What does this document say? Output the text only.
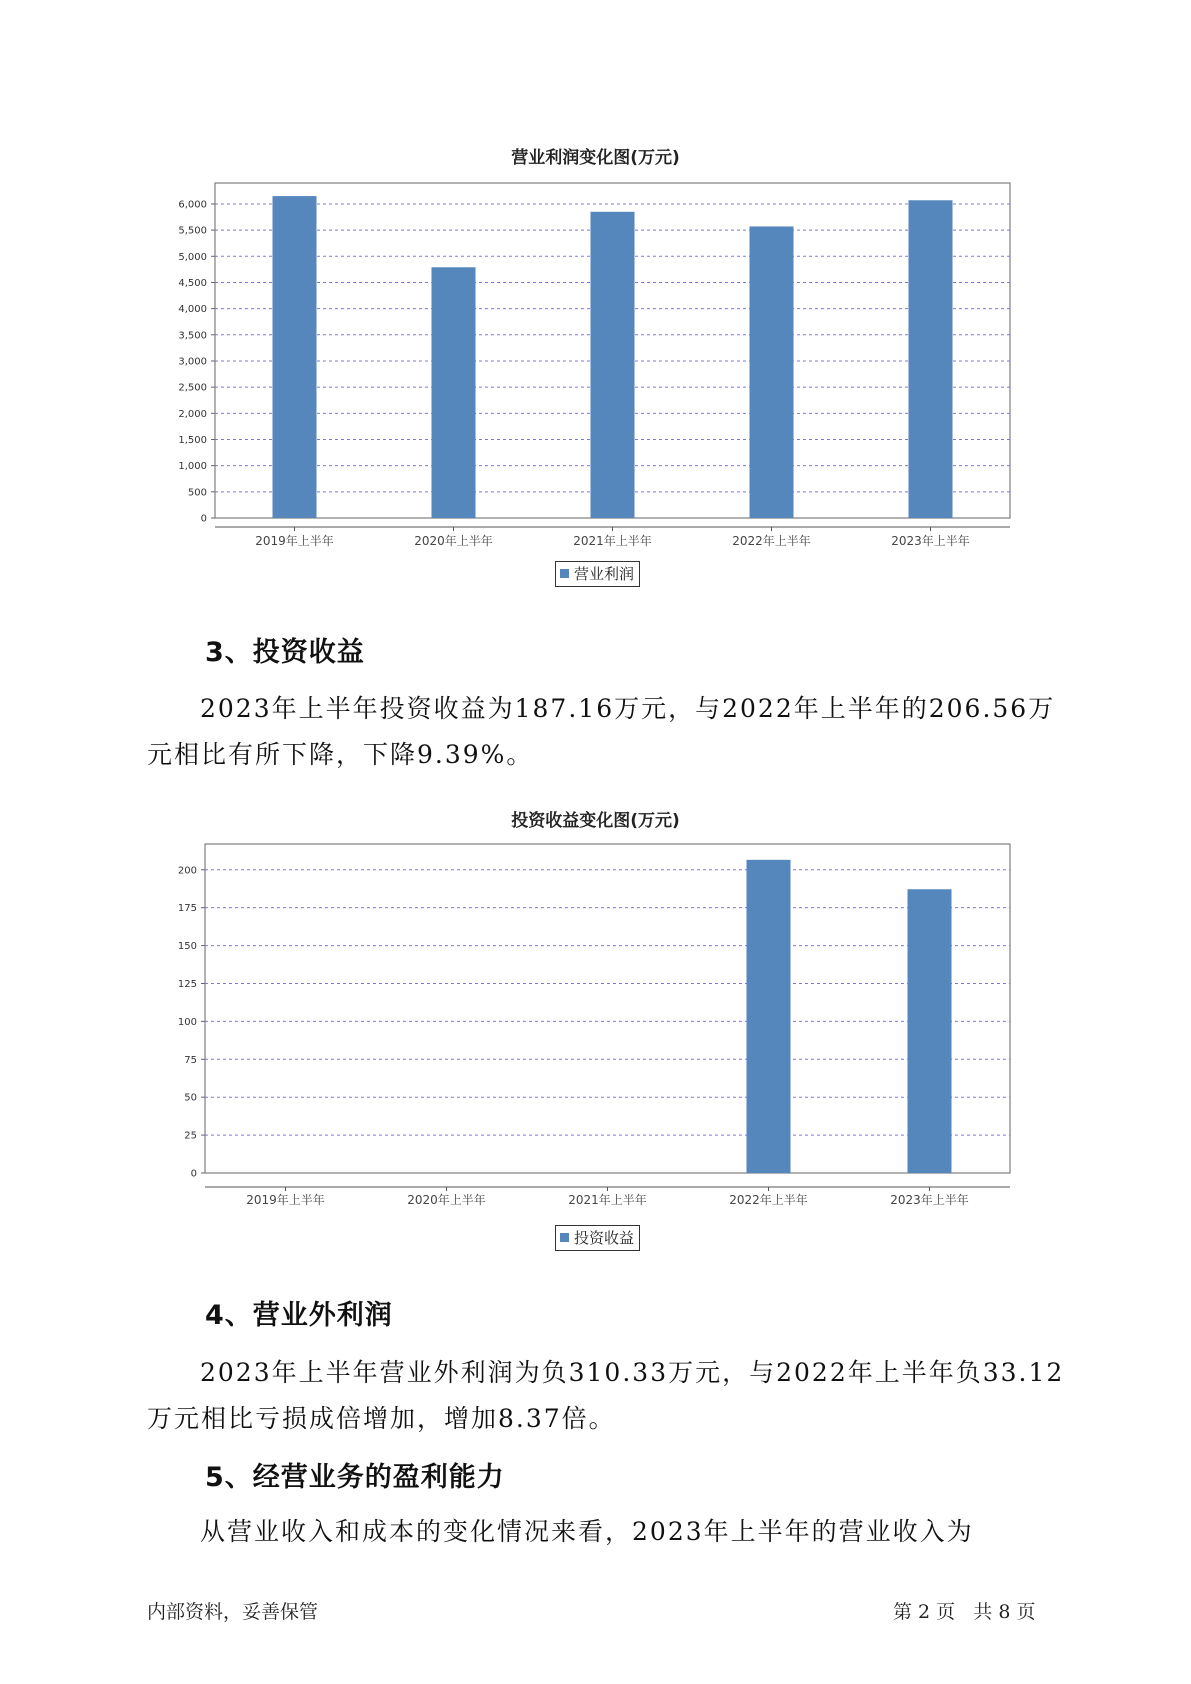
营业利润变化图(万元)
0
500
1,000
1,500
2,000
2,500
3,000
3,500
4,000
4,500
5,000
5,500
6,000
2019年上半年	2020年上半年	2021年上半年	2022年上半年	2023年上半年
营业利润
3、投资收益

2023年上半年投资收益为187.16万元，与2022年上半年的206.56万元相比有所下降，下降9.39%。

投资收益变化图(万元)
0
25
50
75
100
125
150
175
200
2019年上半年	2020年上半年	2021年上半年	2022年上半年	2023年上半年
投资收益
4、营业外利润

2023年上半年营业外利润为负310.33万元，与2022年上半年负33.12万元相比亏损成倍增加，增加8.37倍。

5、经营业务的盈利能力

从营业收入和成本的变化情况来看，2023年上半年的营业收入为

内部资料，妥善保管	第 2 页   共 8 页
